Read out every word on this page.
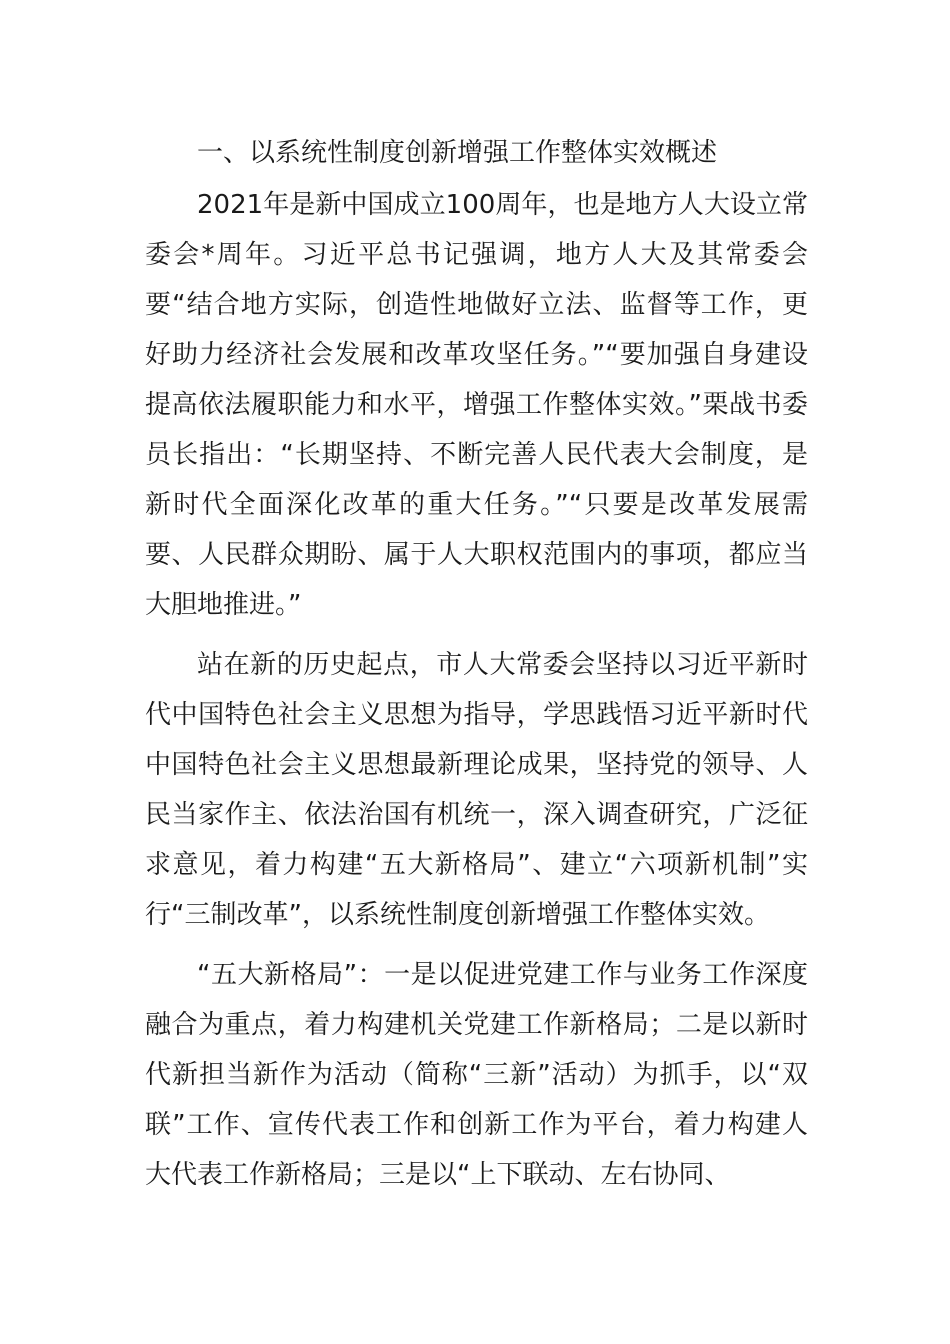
一、以系统性制度创新增强工作整体实效概述

2021年是新中国成立100周年，也是地方人大设立常委会*周年。习近平总书记强调，地方人大及其常委会要“结合地方实际，创造性地做好立法、监督等工作，更好助力经济社会发展和改革攻坚任务。”“要加强自身建设提高依法履职能力和水平，增强工作整体实效。”栗战书委员长指出：“长期坚持、不断完善人民代表大会制度，是新时代全面深化改革的重大任务。”“只要是改革发展需要、人民群众期盼、属于人大职权范围内的事项，都应当大胆地推进。”

站在新的历史起点，市人大常委会坚持以习近平新时代中国特色社会主义思想为指导，学思践悟习近平新时代中国特色社会主义思想最新理论成果，坚持党的领导、人民当家作主、依法治国有机统一，深入调查研究，广泛征求意见，着力构建“五大新格局”、建立“六项新机制”实行“三制改革”，以系统性制度创新增强工作整体实效。

“五大新格局”：一是以促进党建工作与业务工作深度融合为重点，着力构建机关党建工作新格局；二是以新时代新担当新作为活动（简称“三新”活动）为抓手，以“双联”工作、宣传代表工作和创新工作为平台，着力构建人大代表工作新格局；三是以“上下联动、左右协同、
